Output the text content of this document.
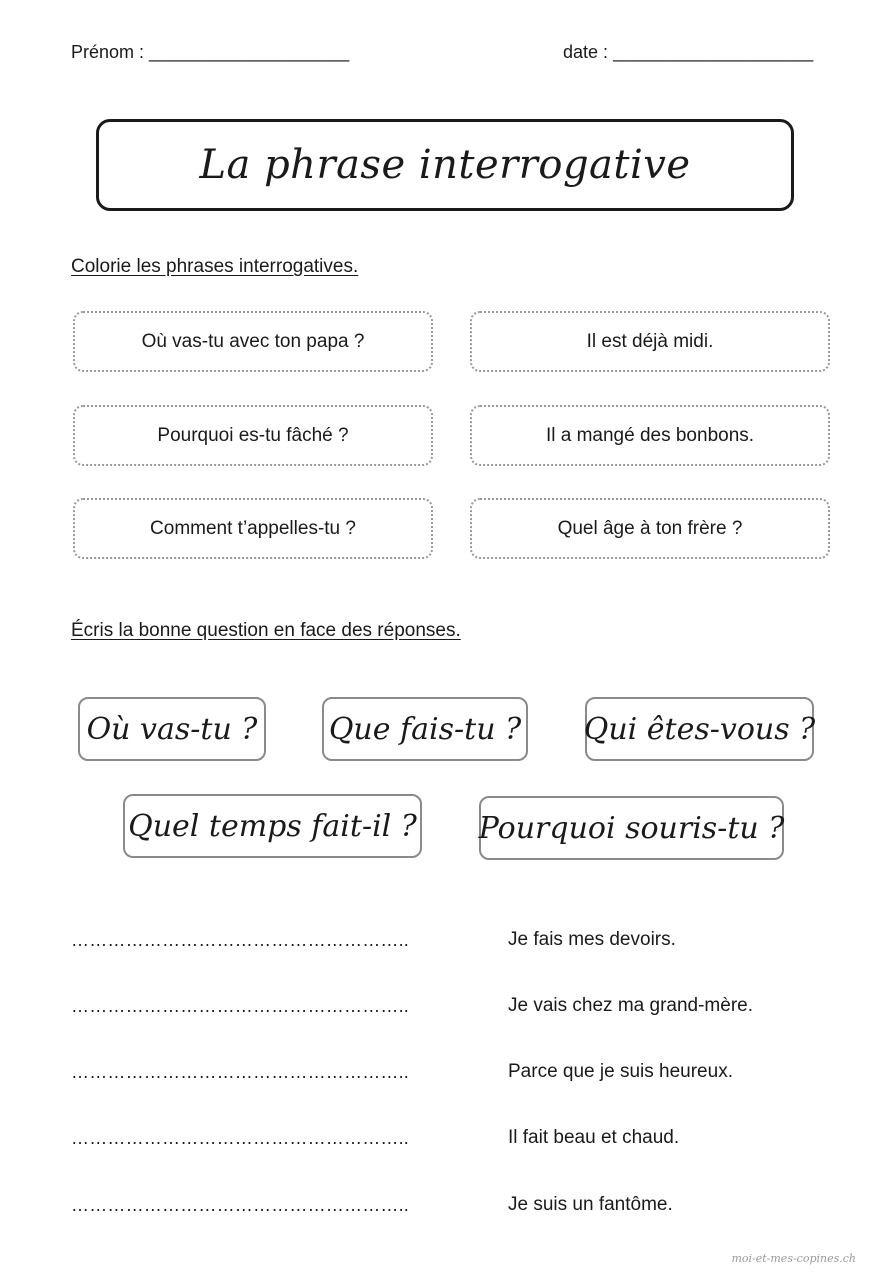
Prénom : ____________________	date : ____________________
La phrase interrogative
Colorie les phrases interrogatives.
Où vas-tu avec ton papa ?	Il est déjà midi.
Pourquoi es-tu fâché ?	Il a mangé des bonbons.
Comment t’appelles-tu ?	Quel âge à ton frère ?
Écris la bonne question en face des réponses.
Où vas-tu ? Que fais-tu ? Qui êtes-vous ?
Quel temps fait-il ? Pourquoi souris-tu ?
………………………………………………..	Je fais mes devoirs.
………………………………………………..	Je vais chez ma grand-mère.
………………………………………………..	Parce que je suis heureux.
………………………………………………..	Il fait beau et chaud.
………………………………………………..	Je suis un fantôme.
moi-et-mes-copines.ch
